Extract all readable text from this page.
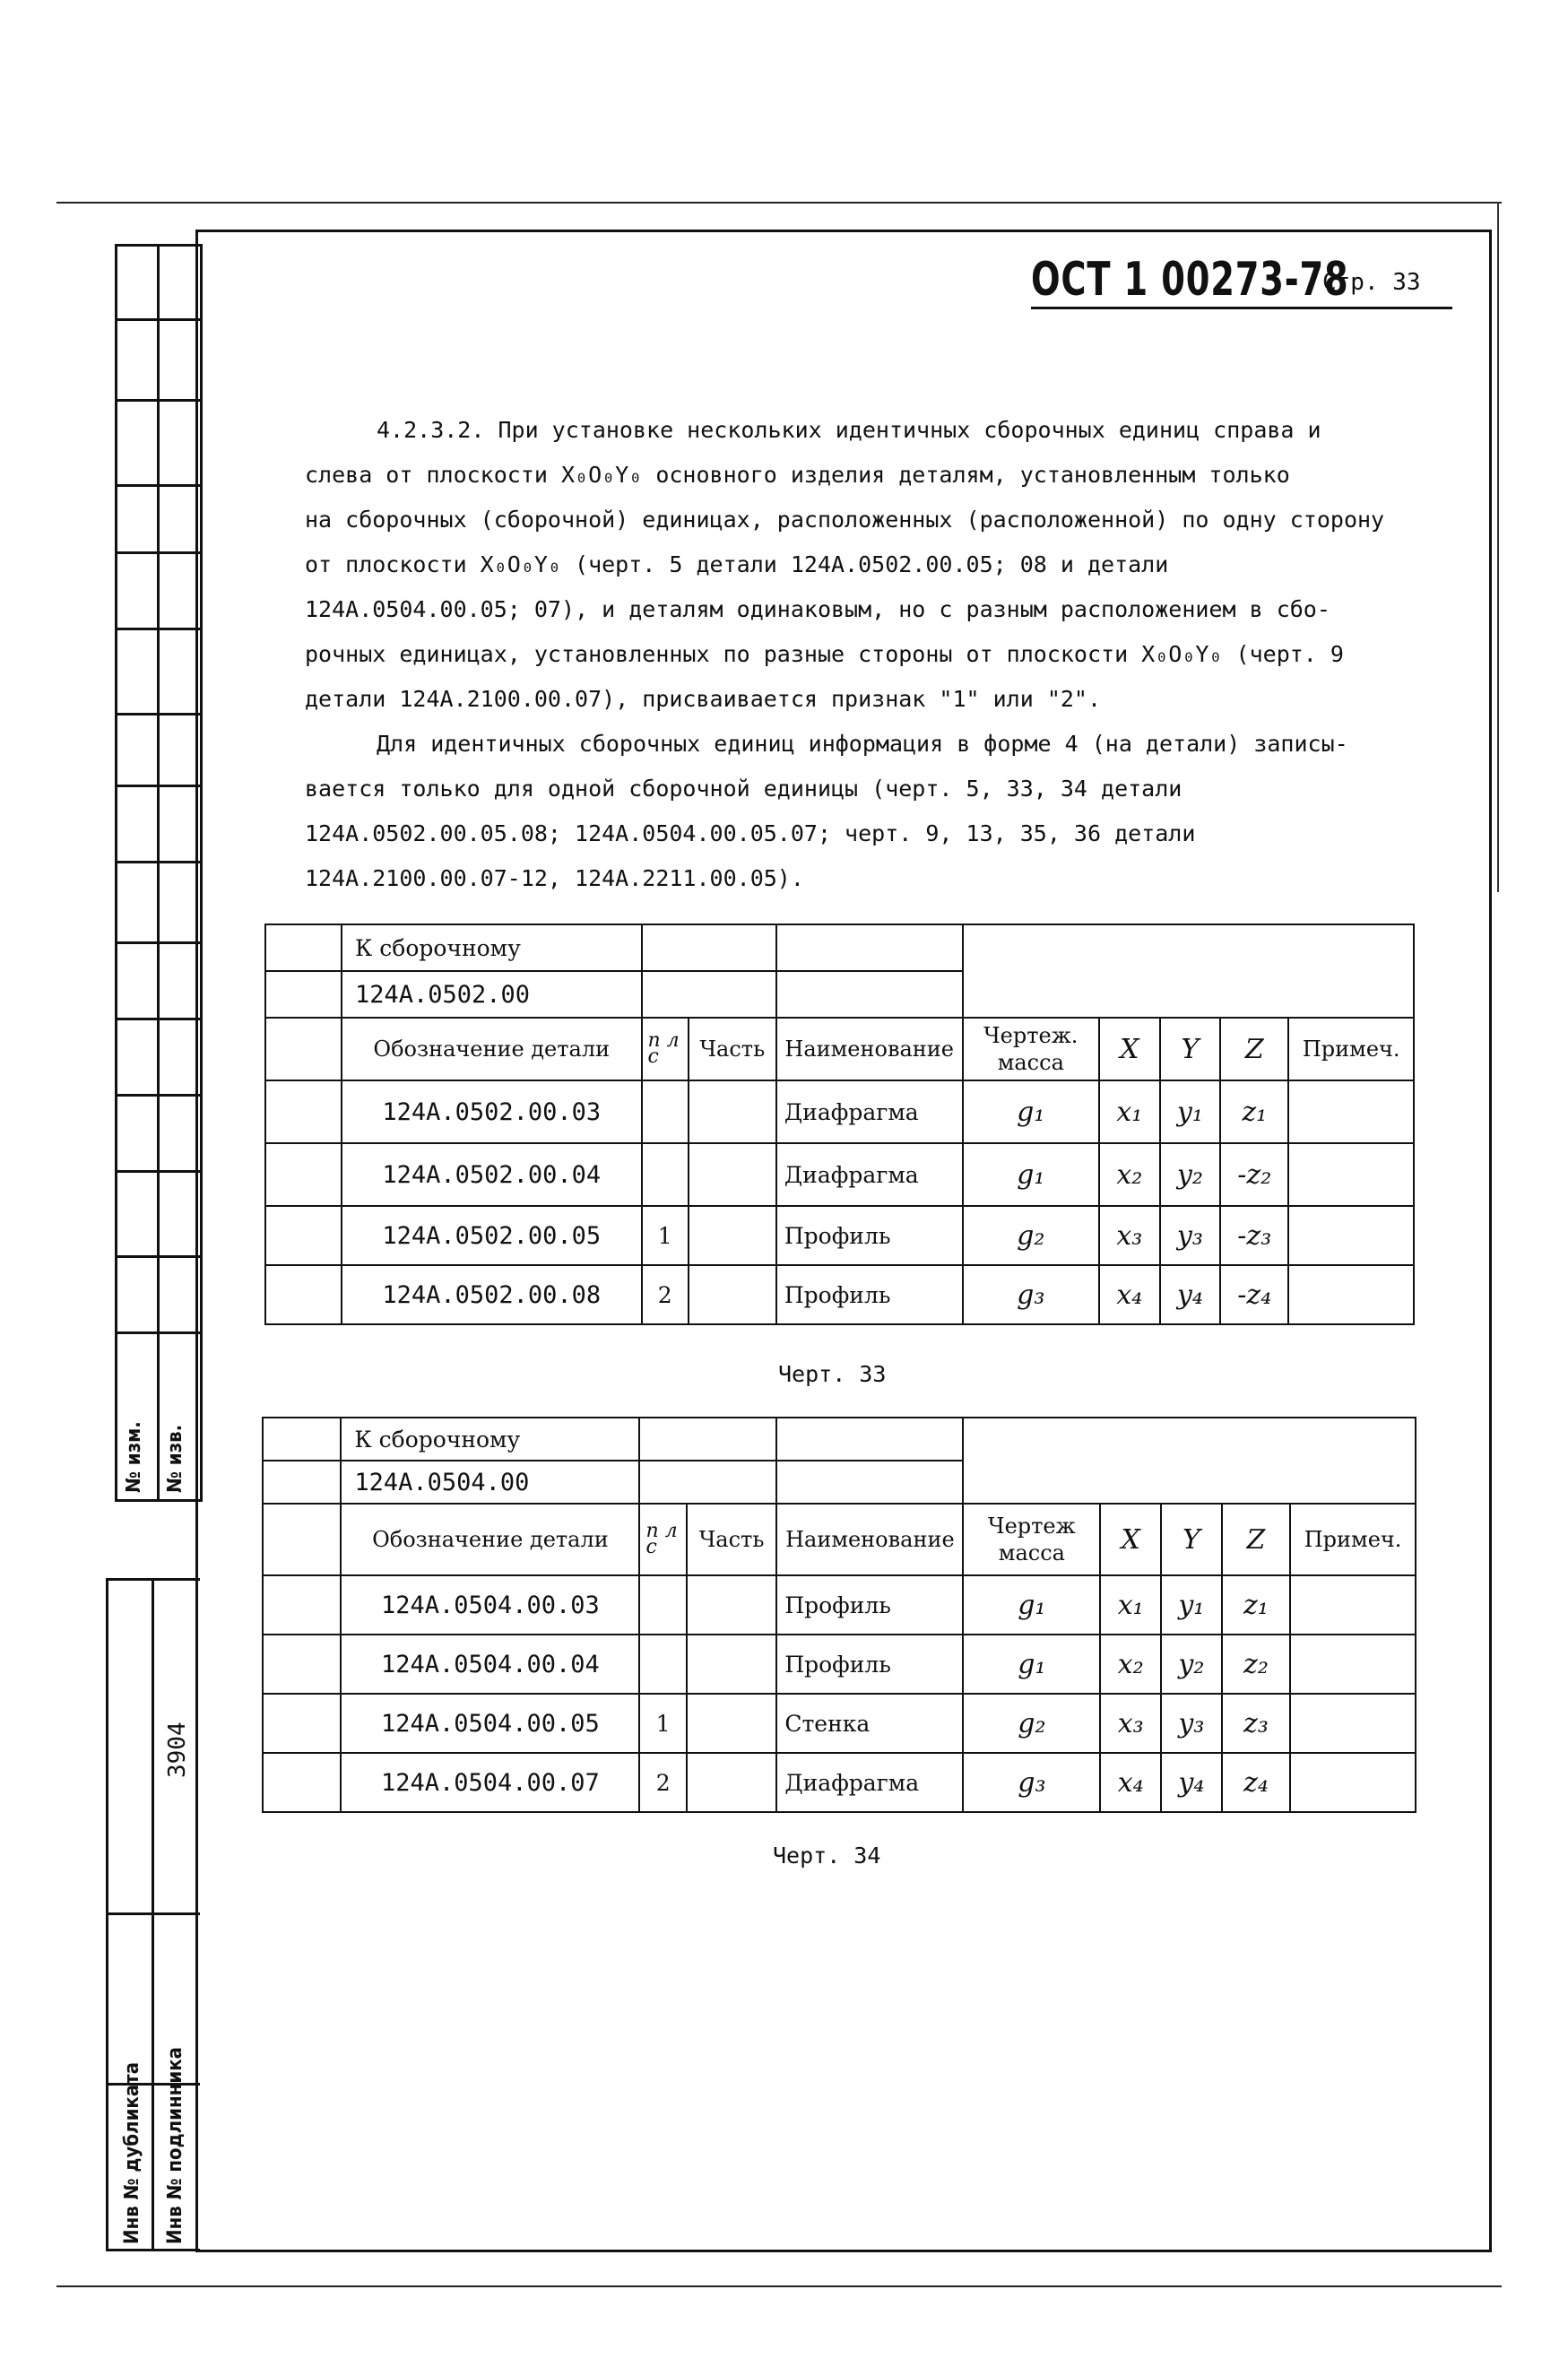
№ изм. № изв.
3904
Инв № дубликата Инв № подлинника
ОСТ 1 00273-78
Стр. 33

4.2.3.2. При установке нескольких идентичных сборочных единиц справа и

слева от плоскости X₀O₀Y₀ основного изделия деталям, установленным только

на сборочных (сборочной) единицах, расположенных (расположенной) по одну сторону

от плоскости X₀O₀Y₀ (черт. 5 детали 124А.0502.00.05; 08 и детали

124А.0504.00.05; 07), и деталям одинаковым, но с разным расположением в сбо-

рочных единицах, установленных по разные стороны от плоскости X₀O₀Y₀ (черт. 9

детали 124А.2100.00.07), присваивается признак "1" или "2".

Для идентичных сборочных единиц информация в форме 4 (на детали) записы-

вается только для одной сборочной единицы (черт. 5, 33, 34 детали

124А.0502.00.05.08; 124А.0504.00.05.07; черт. 9, 13, 35, 36 детали

124А.2100.00.07-12, 124А.2211.00.05).

	К сборочному								
	124А.0502.00								
	Обозначение детали	п л с	Часть	Наименование	Чертеж. масса	X	Y	Z	Примеч.
	124А.0502.00.03			Диафрагма	g₁	x₁	y₁	z₁	
	124А.0502.00.04			Диафрагма	g₁	x₂	y₂	-z₂	
	124А.0502.00.05	1		Профиль	g₂	x₃	y₃	-z₃	
	124А.0502.00.08	2		Профиль	g₃	x₄	y₄	-z₄	
Черт. 33
	К сборочному								
	124А.0504.00								
	Обозначение детали	п л с	Часть	Наименование	Чертеж масса	X	Y	Z	Примеч.
	124А.0504.00.03			Профиль	g₁	x₁	y₁	z₁	
	124А.0504.00.04			Профиль	g₁	x₂	y₂	z₂	
	124А.0504.00.05	1		Стенка	g₂	x₃	y₃	z₃	
	124А.0504.00.07	2		Диафрагма	g₃	x₄	y₄	z₄	
Черт. 34
